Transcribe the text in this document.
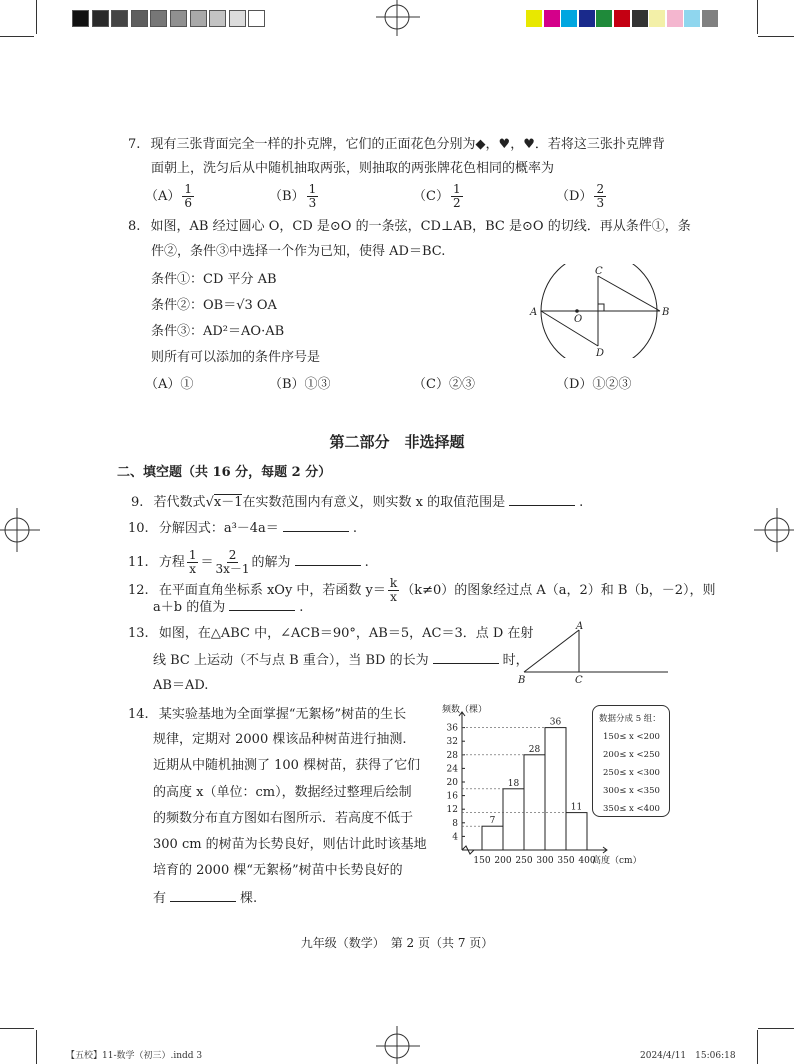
7. 现有三张背面完全一样的扑克牌，它们的正面花色分别为◆，♥，♥．若将这三张扑克牌背
面朝上，洗匀后从中随机抽取两张，则抽取的两张牌花色相同的概率为
$(A) \frac{1}{6}$	$(B) \frac{1}{3}$	$(C) \frac{1}{2}$	$(D) \frac{2}{3}$
8. 如图，AB 经过圆心 O，CD 是⊙O 的一条弦，CD⊥AB，BC 是⊙O 的切线．再从条件①，条
件②，条件③中选择一个作为已知，使得 AD＝BC.
条件①：CD 平分 AB
条件②：OB＝√3 OA
条件③：AD²＝AO·AB
则所有可以添加的条件序号是
（A）①	（B）①③	（C）②③	（D）①②③
A	B
C
D
O
第二部分　非选择题
二、填空题（共 16 分，每题 2 分）
9. 若代数式√x－1在实数范围内有意义，则实数 x 的取值范围是	.
10. 分解因式：a³－4a＝	.
11. 方程 $\frac{1}{x} = \frac{2}{3x-1}$ 的解为	.
12. 在平面直角坐标系 xOy 中，若函数 $y= \frac{k}{x} (k\ne 0)$的图象经过点 A（a，2）和 B（b，－2），则
a＋b 的值为	.
13. 如图，在△ABC 中，∠ACB＝90°，AB＝5，AC＝3．点 D 在射
线 BC 上运动（不与点 B 重合），当 BD 的长为	时，
AB＝AD.
A
B	C
14. 某实验基地为全面掌握“无絮杨”树苗的生长
规律，定期对 2000 棵该品种树苗进行抽测.
近期从中随机抽测了 100 棵树苗，获得了它们
的高度 x（单位：cm），数据经过整理后绘制
的频数分布直方图如右图所示．若高度不低于
300 cm 的树苗为长势良好，则估计此时该基地
培育的 2000 棵“无絮杨”树苗中长势良好的
有	棵.
4
8
12
16
20
24
28
32
36
7
18
28
36
11
150 200 250 300 350 400
频数（棵）
高度（cm）
数据分成 5 组：
150≤ x <200
200≤ x <250
250≤ x <300
300≤ x <350
350≤ x <400
九年级（数学）　第 2 页（共 7 页）
【五校】11-数学（初三）.indd 3	2024/4/11　15:06:18
